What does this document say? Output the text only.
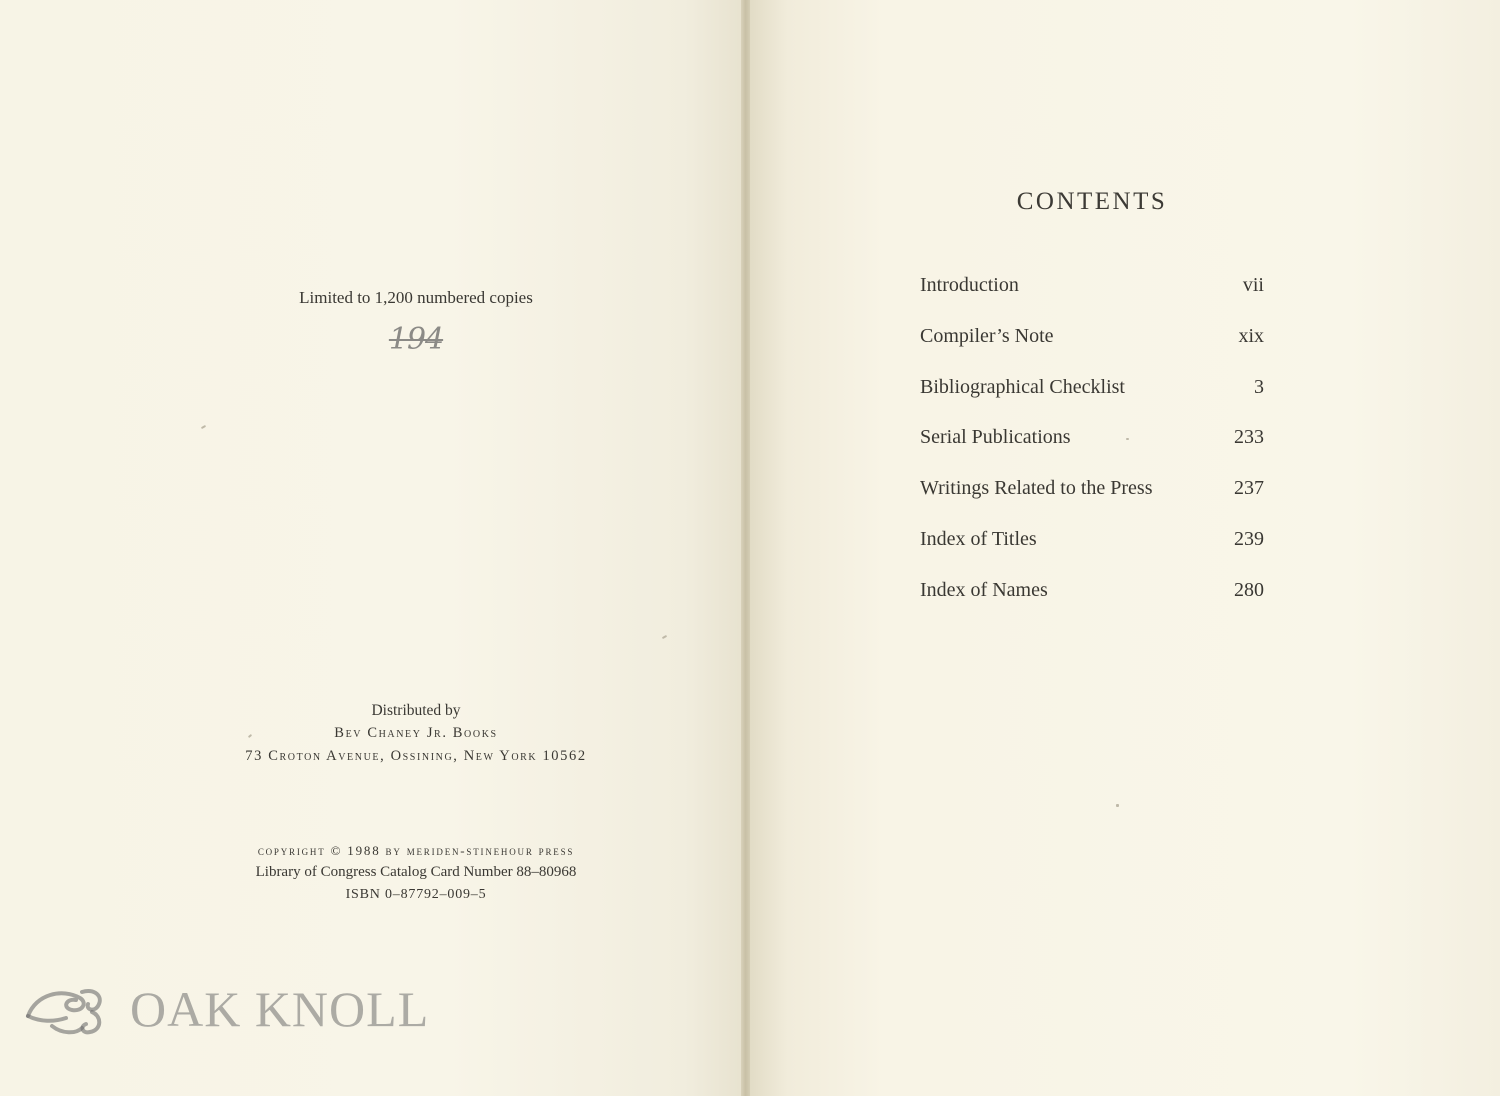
Limited to 1,200 numbered copies
194
Distributed by
Bev Chaney Jr. Books
73 Croton Avenue, Ossining, New York 10562
copyright © 1988 by meriden-stinehour press
Library of Congress Catalog Card Number 88–80968
ISBN 0–87792–009–5
OAK KNOLL
CONTENTS
Introduction	vii
Compiler’s Note	xix
Bibliographical Checklist	3
Serial Publications	233
Writings Related to the Press	237
Index of Titles	239
Index of Names	280
